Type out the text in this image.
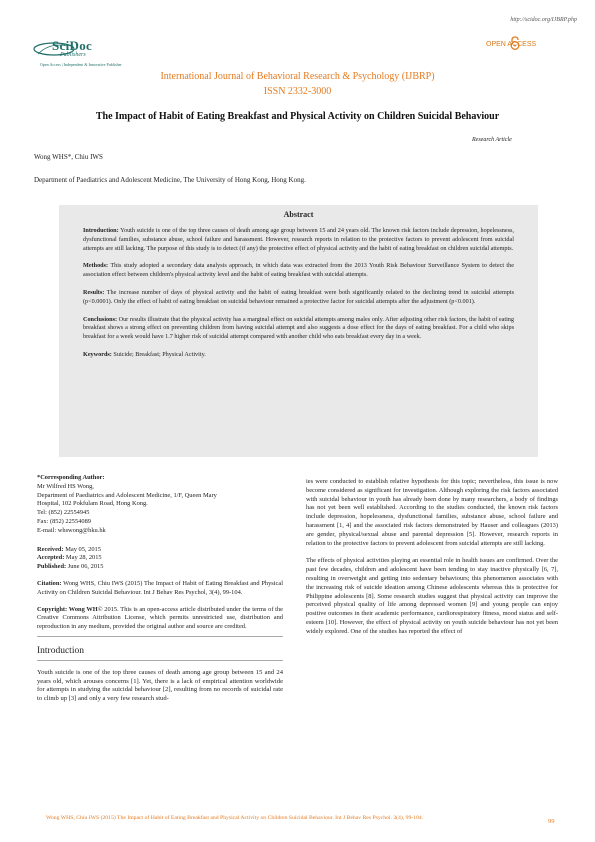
http://scidoc.org/IJBRP.php
SciDoc
Publishers
Open Access | Independent & Innovative Publisher
OPEN ACCESS
International Journal of Behavioral Research & Psychology (IJBRP)
ISSN 2332-3000
The Impact of Habit of Eating Breakfast and Physical Activity on Children Suicidal Behaviour
Research Article
Wong WHS*, Chiu IWS
Department of Paediatrics and Adolescent Medicine, The University of Hong Kong, Hong Kong.
Abstract

Introduction: Youth suicide is one of the top three causes of death among age group between 15 and 24 years old. The known risk factors include depression, hopelessness, dysfunctional families, substance abuse, school failure and harassment. However, research reports in relation to the protective factors to prevent adolescent from suicidal attempts are still lacking. The purpose of this study is to detect (if any) the protective effect of physical activity and the habit of eating breakfast on children suicidal attempts.

Methods: This study adopted a secondary data analysis approach, in which data was extracted from the 2013 Youth Risk Behaviour Surveillance System to detect the association effect between children's physical activity level and the habit of eating breakfast with suicidal attempts.

Results: The increase number of days of physical activity and the habit of eating breakfast were both significantly related to the declining trend in suicidal attempts (p<0.0001). Only the effect of habit of eating breakfast on suicidal behaviour remained a protective factor for suicidal attempts after the adjustment (p<0.001).

Conclusions: Our results illustrate that the physical activity has a marginal effect on suicidal attempts among males only. After adjusting other risk factors, the habit of eating breakfast shows a strong effect on preventing children from having suicidal attempt and also suggests a dose effect for the days of eating breakfast. For a child who skips breakfast for a week would have 1.7 higher risk of suicidal attempt compared with another child who eats breakfast every day in a week.

Keywords: Suicide; Breakfast; Physical Activity.

*Corresponding Author:

Mr Wilfred HS Wong,

Department of Paediatrics and Adolescent Medicine, 1/F, Queen Mary

Hospital, 102 Pokfulam Road, Hong Kong.

Tel: (852) 22554945

Fax: (852) 22554089

E-mail: whswong@hku.hk

Received: May 05, 2015

Accepted: May 28, 2015

Published: June 06, 2015

Citation: Wong WHS, Chiu IWS (2015) The Impact of Habit of Eating Breakfast and Physical Activity on Children Suicidal Behaviour. Int J Behav Res Psychol, 3(4), 99-104.

Copyright: Wong WH© 2015. This is an open-access article distributed under the terms of the Creative Commons Attribution License, which permits unrestricted use, distribution and reproduction in any medium, provided the original author and source are credited.

Introduction

Youth suicide is one of the top three causes of death among age group between 15 and 24 years old, which arouses concerns [1]. Yet, there is a lack of empirical attention worldwide for attempts in studying the suicidal behaviour [2], resulting from no records of suicidal rate to climb up [3] and only a very few research stud-

ies were conducted to establish relative hypothesis for this topic; nevertheless, this issue is now become considered as significant for investigation. Although exploring the risk factors associated with suicidal behaviour in youth has already been done by many researchers, a body of findings has not yet been well established. According to the studies conducted, the known risk factors include depression, hopelessness, dysfunctional families, substance abuse, school failure and harassment [1, 4] and the associated risk factors demonstrated by Hauser and colleagues (2013) are gender, physical/sexual abuse and parental depression [5]. However, research reports in relation to the protective factors to prevent adolescent from suicidal attempts are still lacking.

The effects of physical activities playing an essential role in health issues are confirmed. Over the past few decades, children and adolescent have been tending to stay inactive physically [6, 7], resulting in overweight and getting into sedentary behaviours; this phenomenon associates with the increasing risk of suicide ideation among Chinese adolescents whereas this is protective for Philippine adolescents [8]. Some research studies suggest that physical activity can improve the perceived physical quality of life among depressed women [9] and young people can enjoy positive outcomes in their academic performance, cardiorespiratory fitness, mood status and self-esteem [10]. However, the effect of physical activity on youth suicide behaviour has not yet been widely explored. One of the studies has reported the effect of

Wong WHS, Chiu IWS (2015) The Impact of Habit of Eating Breakfast and Physical Activity on Children Suicidal Behaviour. Int J Behav Res Psychol. 3(4), 99-104.	99
